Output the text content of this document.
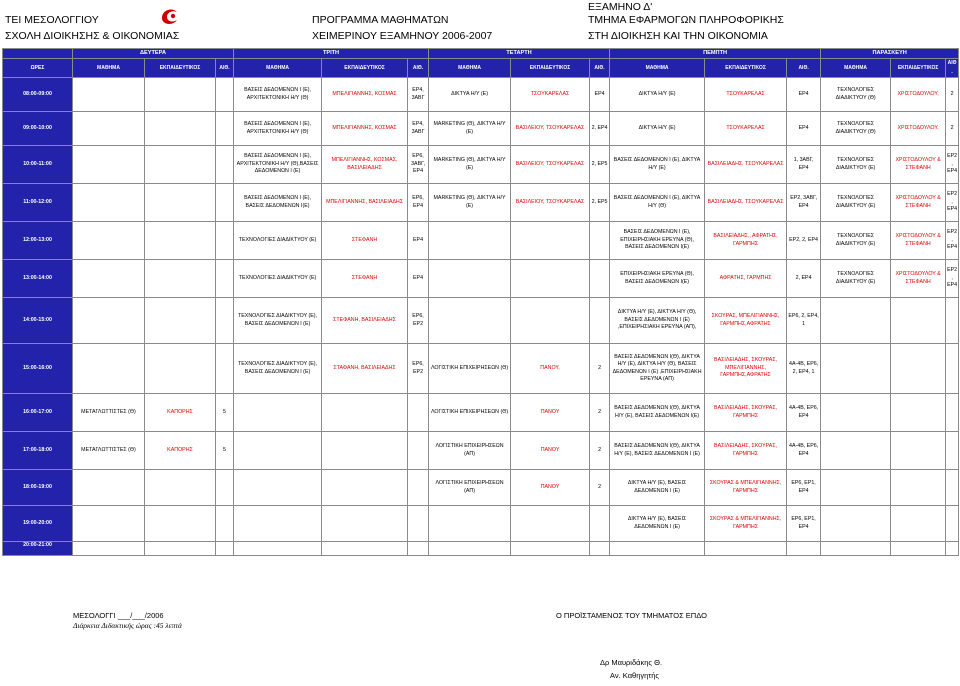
ΤΕΙ ΜΕΣΟΛΟΓΓΙΟΥ
ΣΧΟΛΗ ΔΙΟΙΚΗΣΗΣ & ΟΙΚΟΝΟΜΙΑΣ
ΠΡΟΓΡΑΜΜΑ ΜΑΘΗΜΑΤΩΝ
ΧΕΙΜΕΡΙΝΟΥ ΕΞΑΜΗΝΟΥ 2006-2007
ΕΞΑΜΗΝΟ Δ'
ΤΜΗΜΑ ΕΦΑΡΜΟΓΩΝ ΠΛΗΡΟΦΟΡΙΚΗΣ
ΣΤΗ ΔΙΟΙΚΗΣΗ ΚΑΙ ΤΗΝ ΟΙΚΟΝΟΜΙΑ
	ΔΕΥΤΕΡΑ			ΤΡΙΤΗ			ΤΕΤΑΡΤΗ			ΠΕΜΠΤΗ			ΠΑΡΑΣΚΕΥΗ		
ΩΡΕΣ	ΜΑΘΗΜΑ	ΕΚΠΑΙΔΕΥΤΙΚΟΣ	ΑΙΘ.	ΜΑΘΗΜΑ	ΕΚΠΑΙΔΕΥΤΙΚΟΣ	ΑΙΘ.	ΜΑΘΗΜΑ	ΕΚΠΑΙΔΕΥΤΙΚΟΣ	ΑΙΘ.	ΜΑΘΗΜΑ	ΕΚΠΑΙΔΕΥΤΙΚΟΣ	ΑΙΘ.	ΜΑΘΗΜΑ	ΕΚΠΑΙΔΕΥΤΙΚΟΣ	ΑΙΘ.
08:00-09:00				ΒΑΣΕΙΣ ΔΕΔΟΜΕΝΩΝ Ι (Ε), ΑΡΧΙΤΕΚΤΟΝΙΚΗ Η/Υ (Θ)	ΜΠΕΛΙΓΙΑΝΝΗΣ, ΚΟΣΜΑΣ	ΕΡ4, 3ΑΒΓ	ΔΙΚΤΥΑ Η/Υ (Ε)	ΤΣΟΥΚΑΡΕΛΑΣ	ΕΡ4	ΔΙΚΤΥΑ Η/Υ (Ε)	ΤΣΟΥΚΑΡΕΛΑΣ	ΕΡ4	ΤΕΧΝΟΛΟΓΙΕΣ ΔΙΑΔΙΚΤΥΟΥ (Θ)	ΧΡΙΣΤΟΔΟΥΛΟΥ,	2
09:00-10:00				ΒΑΣΕΙΣ ΔΕΔΟΜΕΝΩΝ Ι (Ε), ΑΡΧΙΤΕΚΤΟΝΙΚΗ Η/Υ (Θ)	ΜΠΕΛΙΓΙΑΝΝΗΣ, ΚΟΣΜΑΣ	ΕΡ4, 3ΑΒΓ	MARKETING (Θ), ΔΙΚΤΥΑ Η/Υ (Ε)	ΒΑΣΙΛΕΙΟΥ, ΤΣΟΥΚΑΡΕΛΑΣ	2, ΕΡ4	ΔΙΚΤΥΑ Η/Υ (Ε)	ΤΣΟΥΚΑΡΕΛΑΣ	ΕΡ4	ΤΕΧΝΟΛΟΓΙΕΣ ΔΙΑΔΙΚΤΥΟΥ (Θ)	ΧΡΙΣΤΟΔΟΥΛΟΥ,	2
10:00-11:00				ΒΑΣΕΙΣ ΔΕΔΟΜΕΝΩΝ Ι (Ε), ΑΡΧΙΤΕΚΤΟΝΙΚΗ Η/Υ (Θ),ΒΑΣΕΙΣ ΔΕΔΟΜΕΝΩΝ Ι (Ε)	ΜΠΕΛΙΓΙΑΝΝΗΣ, ΚΟΣΜΑΣ, ΒΑΣΙΛΕΙΑΔΗΣ	ΕΡ6, 3ΑΒΓ, ΕΡ4	MARKETING (Θ), ΔΙΚΤΥΑ Η/Υ (Ε)	ΒΑΣΙΛΕΙΟΥ, ΤΣΟΥΚΑΡΕΛΑΣ	2, ΕΡ5	ΒΑΣΕΙΣ ΔΕΔΟΜΕΝΩΝ Ι (Ε), ΔΙΚΤΥΑ Η/Υ (Ε)	ΒΑΣΙΛΕΙΑΔΗΣ, ΤΣΟΥΚΑΡΕΛΑΣ	1, 3ΑΒΓ, ΕΡ4	ΤΕΧΝΟΛΟΓΙΕΣ ΔΙΑΔΙΚΤΥΟΥ (Ε)	ΧΡΙΣΤΟΔΟΥΛΟΥ & ΣΤΕΦΑΝΗ	ΕΡ2, ΕΡ4
11:00-12:00				ΒΑΣΕΙΣ ΔΕΔΟΜΕΝΩΝ Ι (Ε), ΒΑΣΕΙΣ ΔΕΔΟΜΕΝΩΝ Ι(Ε)	ΜΠΕΛΙΓΙΑΝΝΗΣ, ΒΑΣΙΛΕΙΑΔΗΣ	ΕΡ6, ΕΡ4	MARKETING (Θ), ΔΙΚΤΥΑ Η/Υ (Ε)	ΒΑΣΙΛΕΙΟΥ, ΤΣΟΥΚΑΡΕΛΑΣ	2, ΕΡ5	ΒΑΣΕΙΣ ΔΕΔΟΜΕΝΩΝ Ι (Ε), ΔΙΚΤΥΑ Η/Υ (Θ)	ΒΑΣΙΛΕΙΑΔΗΣ, ΤΣΟΥΚΑΡΕΛΑΣ	ΕΡ2, 3ΑΒΓ, ΕΡ4	ΤΕΧΝΟΛΟΓΙΕΣ ΔΙΑΔΙΚΤΥΟΥ (Ε)	ΧΡΙΣΤΟΔΟΥΛΟΥ & ΣΤΕΦΑΝΗ	ΕΡ2, ΕΡ4
12:00-13:00				ΤΕΧΝΟΛΟΓΙΕΣ ΔΙΑΔΙΚΤΥΟΥ (Ε)	ΣΤΕΦΑΝΗ	ΕΡ4				ΒΑΣΕΙΣ ΔΕΔΟΜΕΝΩΝ Ι (Ε), ΕΠΙΧΕΙΡΗΣΙΑΚΗ ΕΡΕΥΝΑ (Θ), ΒΑΣΕΙΣ ΔΕΔΟΜΕΝΩΝ Ι(Ε)	ΒΑΣΙΛΕΙΑΔΗΣ,, ΑΦΡΑΤΗΣ, ΓΑΡΜΠΗΣ	ΕΡ2, 2, ΕΡ4	ΤΕΧΝΟΛΟΓΙΕΣ ΔΙΑΔΙΚΤΥΟΥ (Ε)	ΧΡΙΣΤΟΔΟΥΛΟΥ & ΣΤΕΦΑΝΗ	ΕΡ2, ΕΡ4
13:00-14:00				ΤΕΧΝΟΛΟΓΙΕΣ ΔΙΑΔΙΚΤΥΟΥ (Ε)	ΣΤΕΦΑΝΗ	ΕΡ4				ΕΠΙΧΕΙΡΗΣΙΑΚΗ ΕΡΕΥΝΑ (Θ), ΒΑΣΕΙΣ ΔΕΔΟΜΕΝΩΝ Ι(Ε)	ΑΦΡΑΤΗΣ, ΓΑΡΜΠΗΣ	2, ΕΡ4	ΤΕΧΝΟΛΟΓΙΕΣ ΔΙΑΔΙΚΤΥΟΥ (Ε)	ΧΡΙΣΤΟΔΟΥΛΟΥ & ΣΤΕΦΑΝΗ	ΕΡ2, ΕΡ4
14:00-15:00				ΤΕΧΝΟΛΟΓΙΕΣ ΔΙΑΔΙΚΤΥΟΥ (Ε), ΒΑΣΕΙΣ ΔΕΔΟΜΕΝΩΝ Ι (Ε)	ΣΤΕΦΑΝΗ, ΒΑΣΙΛΕΙΑΔΗΣ	ΕΡ6, ΕΡ2				ΔΙΚΤΥΑ Η/Υ (Ε), ΔΙΚΤΥΑ Η/Υ (Θ), ΒΑΣΕΙΣ ΔΕΔΟΜΕΝΩΝ Ι (Ε) ,ΕΠΙΧΕΙΡΗΣΙΑΚΗ ΕΡΕΥΝΑ (ΑΠ),	ΣΚΟΥΡΑΣ, ΜΠΕΛΙΓΙΑΝΝΗΣ, ΓΑΡΜΠΗΣ,ΑΦΡΑΤΗΣ	ΕΡ6, 2, ΕΡ4, 1			
15:00-16:00				ΤΕΧΝΟΛΟΓΙΕΣ ΔΙΑΔΙΚΤΥΟΥ (Ε), ΒΑΣΕΙΣ ΔΕΔΟΜΕΝΩΝ Ι (Ε)	ΣΤΑΦΑΝΗ, ΒΑΣΙΛΕΙΑΔΗΣ	ΕΡ6, ΕΡ2	ΛΟΓΙΣΤΙΚΗ ΕΠΙΧΕΙΡΗΣΕΩΝ (Θ)	ΠΑΝΟΥ,	2	ΒΑΣΕΙΣ ΔΕΔΟΜΕΝΩΝ Ι(Θ), ΔΙΚΤΥΑ Η/Υ (Ε), ΔΙΚΤΥΑ Η/Υ (Θ), ΒΑΣΕΙΣ ΔΕΔΟΜΕΝΩΝ Ι (Ε) ,ΕΠΙΧΕΙΡΗΣΙΑΚΗ ΕΡΕΥΝΑ (ΑΠ)	ΒΑΣΙΛΕΙΑΔΗΣ, ΣΚΟΥΡΑΣ, ΜΠΕΛΙΓΙΑΝΝΗΣ, ΓΑΡΜΠΗΣ,ΑΦΡΑΤΗΣ	4Α-4Β, ΕΡ6, 2, ΕΡ4, 1			
16:00-17:00	ΜΕΤΑΓΛΩΤΤΙΣΤΕΣ (Θ)	ΚΑΠΟΡΗΣ	5				ΛΟΓΙΣΤΙΚΗ ΕΠΙΧΕΙΡΗΣΕΩΝ (Θ)	ΠΑΝΟΥ	2	ΒΑΣΕΙΣ ΔΕΔΟΜΕΝΩΝ Ι(Θ), ΔΙΚΤΥΑ Η/Υ (Ε), ΒΑΣΕΙΣ ΔΕΔΟΜΕΝΩΝ Ι(Ε)	ΒΑΣΙΛΕΙΑΔΗΣ, ΣΚΟΥΡΑΣ, ΓΑΡΜΠΗΣ	4Α-4Β, ΕΡ6, ΕΡ4			
17:00-18:00	ΜΕΤΑΓΛΩΤΤΙΣΤΕΣ (Θ)	ΚΑΠΟΡΗΣ	5				ΛΟΓΙΣΤΙΚΗ ΕΠΙΧΕΙΡΗΣΕΩΝ (ΑΠ)	ΠΑΝΟΥ	2	ΒΑΣΕΙΣ ΔΕΔΟΜΕΝΩΝ Ι(Θ), ΔΙΚΤΥΑ Η/Υ (Ε), ΒΑΣΕΙΣ ΔΕΔΟΜΕΝΩΝ Ι (Ε)	ΒΑΣΙΛΕΙΑΔΗΣ, ΣΚΟΥΡΑΣ, ΓΑΡΜΠΗΣ	4Α-4Β, ΕΡ6, ΕΡ4			
18:00-19:00							ΛΟΓΙΣΤΙΚΗ ΕΠΙΧΕΙΡΗΣΕΩΝ (ΑΠ)	ΠΑΝΟΥ	2	ΔΙΚΤΥΑ Η/Υ (Ε), ΒΑΣΕΙΣ ΔΕΔΟΜΕΝΩΝ Ι (Ε)	ΣΚΟΥΡΑΣ & ΜΠΕΛΙΓΙΑΝΝΗΣ, ΓΑΡΜΠΗΣ	ΕΡ6, ΕΡ1, ΕΡ4			
19:00-20:00										ΔΙΚΤΥΑ Η/Υ (Ε), ΒΑΣΕΙΣ ΔΕΔΟΜΕΝΩΝ Ι (Ε)	ΣΚΟΥΡΑΣ & ΜΠΕΛΙΓΙΑΝΝΗΣ, ΓΑΡΜΠΗΣ	ΕΡ6, ΕΡ1, ΕΡ4			
20:00-21:00															
ΜΕΣΟΛΟΓΓΙ ___/___/2006
Διάρκεια Διδακτικής ώρας :45 λεπτά
Ο ΠΡΟΪΣΤΑΜΕΝΟΣ ΤΟΥ ΤΜΗΜΑΤΟΣ ΕΠΔΟ
Δρ Μαυριδάκης Θ.
Αν. Καθηγητής
